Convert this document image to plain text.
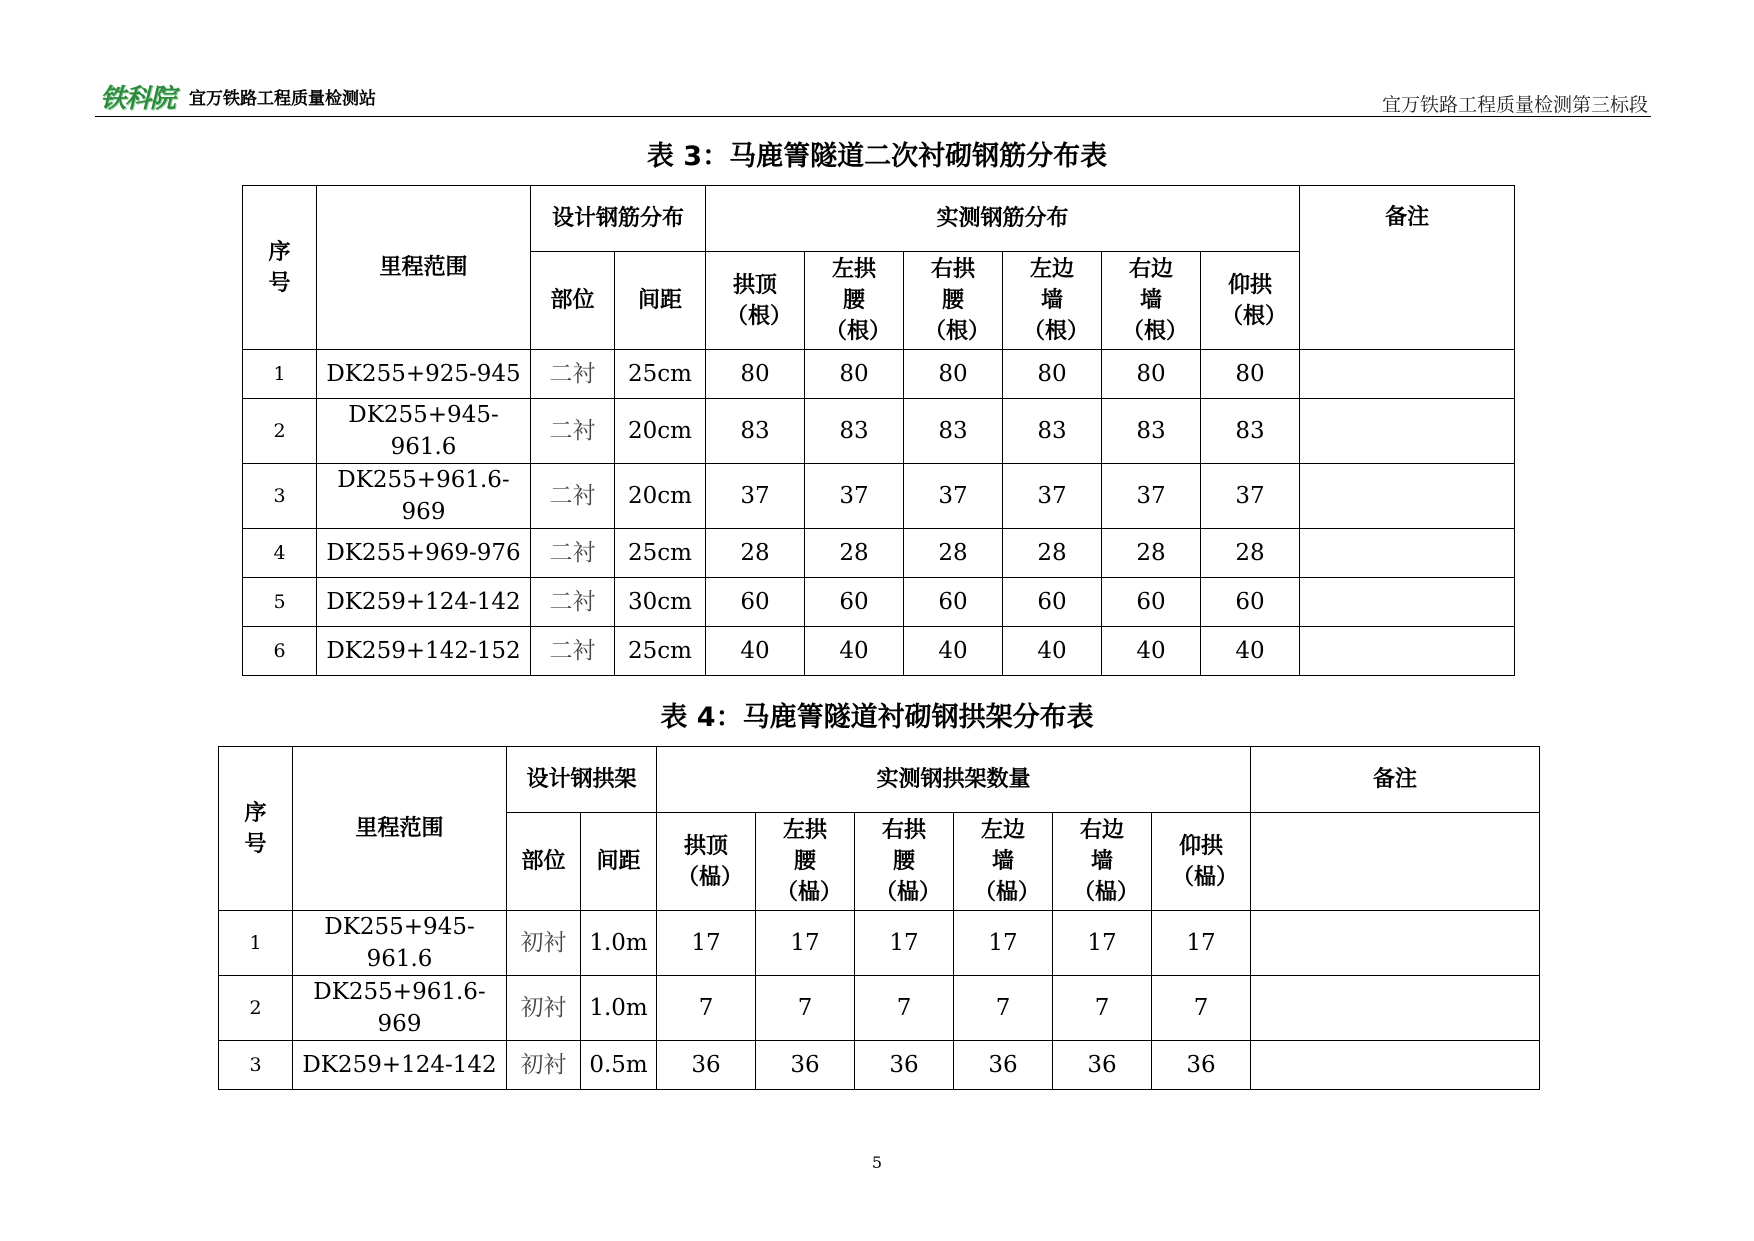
铁科院 宜万铁路工程质量检测站	宜万铁路工程质量检测第三标段
表 3：马鹿箐隧道二次衬砌钢筋分布表
序号	里程范围	设计钢筋分布		实测钢筋分布						备注
		部位	间距	拱顶（根）	左拱腰（根）	右拱腰（根）	左边墙（根）	右边墙（根）	仰拱（根）	
1	DK255+925-945	二衬	25cm	80	80	80	80	80	80	
2	DK255+945-961.6	二衬	20cm	83	83	83	83	83	83	
3	DK255+961.6-969	二衬	20cm	37	37	37	37	37	37	
4	DK255+969-976	二衬	25cm	28	28	28	28	28	28	
5	DK259+124-142	二衬	30cm	60	60	60	60	60	60	
6	DK259+142-152	二衬	25cm	40	40	40	40	40	40	
表 4：马鹿箐隧道衬砌钢拱架分布表
序号	里程范围	设计钢拱架		实测钢拱架数量						备注
		部位	间距	拱顶（榀）	左拱腰（榀）	右拱腰（榀）	左边墙（榀）	右边墙（榀）	仰拱（榀）	
1	DK255+945-961.6	初衬	1.0m	17	17	17	17	17	17	
2	DK255+961.6-969	初衬	1.0m	7	7	7	7	7	7	
3	DK259+124-142	初衬	0.5m	36	36	36	36	36	36	
5
